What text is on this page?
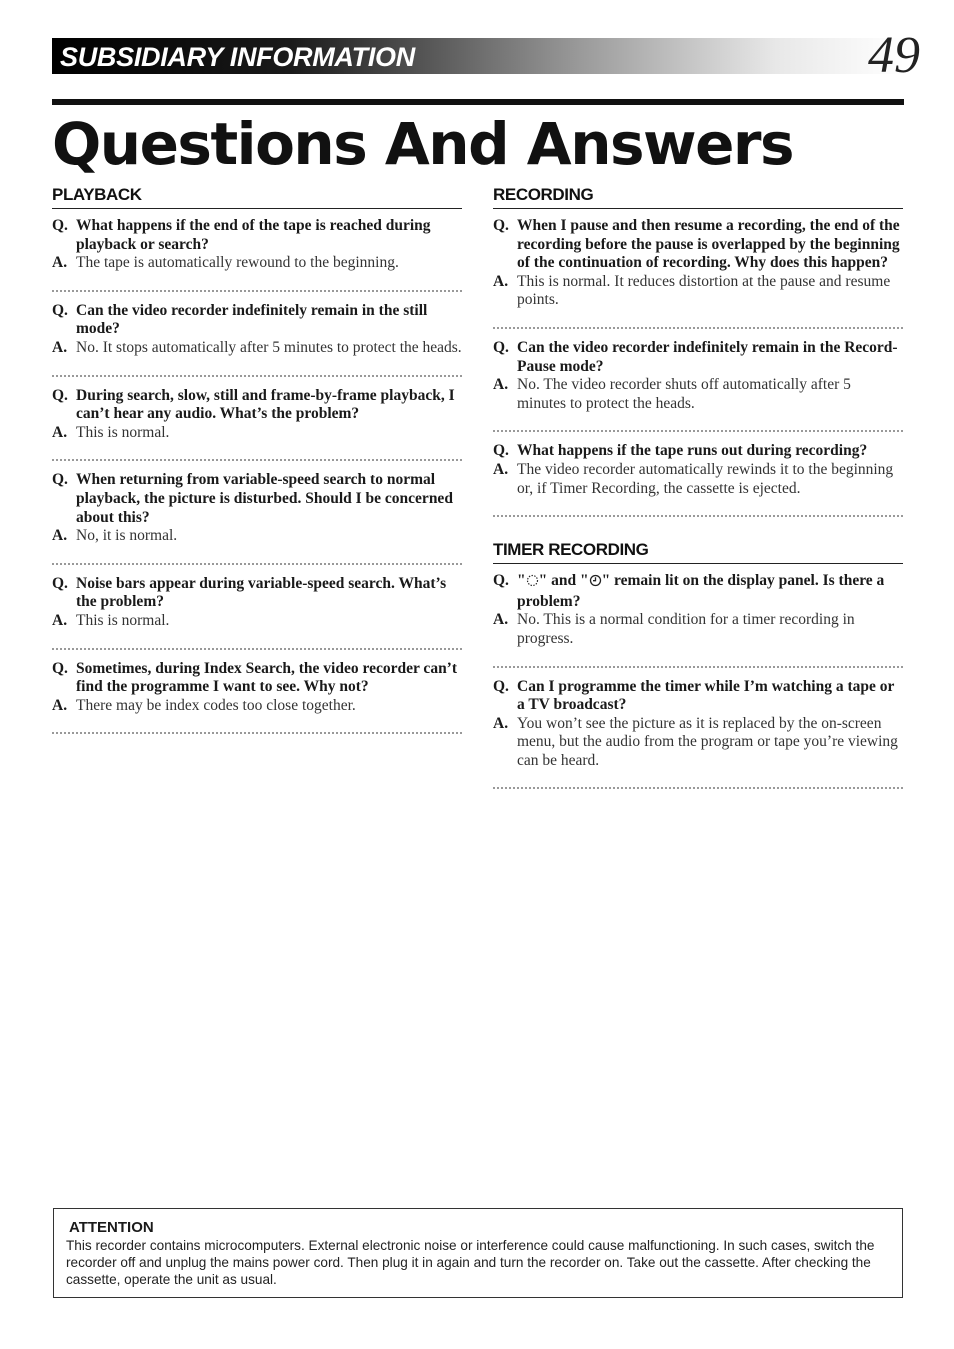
SUBSIDIARY INFORMATION	49
Questions And Answers
PLAYBACK
Q. What happens if the end of the tape is reached during playback or search?
A. The tape is automatically rewound to the beginning.
Q. Can the video recorder indefinitely remain in the still mode?
A. No. It stops automatically after 5 minutes to protect the heads.
Q. During search, slow, still and frame-by-frame playback, I can’t hear any audio. What’s the problem?
A. This is normal.
Q. When returning from variable-speed search to normal playback, the picture is disturbed. Should I be concerned about this?
A. No, it is normal.
Q. Noise bars appear during variable-speed search. What’s the problem?
A. This is normal.
Q. Sometimes, during Index Search, the video recorder can’t find the programme I want to see. Why not?
A. There may be index codes too close together.
RECORDING
Q. When I pause and then resume a recording, the end of the recording before the pause is overlapped by the beginning of the continuation of recording. Why does this happen?
A. This is normal. It reduces distortion at the pause and resume points.
Q. Can the video recorder indefinitely remain in the Record-Pause mode?
A. No. The video recorder shuts off automatically after 5 minutes to protect the heads.
Q. What happens if the tape runs out during recording?
A. The video recorder automatically rewinds it to the beginning or, if Timer Recording, the cassette is ejected.
TIMER RECORDING
Q. " " and " " remain lit on the display panel. Is there a problem?
A. No. This is a normal condition for a timer recording in progress.
Q. Can I programme the timer while I’m watching a tape or a TV broadcast?
A. You won’t see the picture as it is replaced by the on-screen menu, but the audio from the program or tape you’re viewing can be heard.
ATTENTION
This recorder contains microcomputers. External electronic noise or interference could cause malfunctioning. In such cases, switch the recorder off and unplug the mains power cord. Then plug it in again and turn the recorder on. Take out the cassette. After checking the cassette, operate the unit as usual.
